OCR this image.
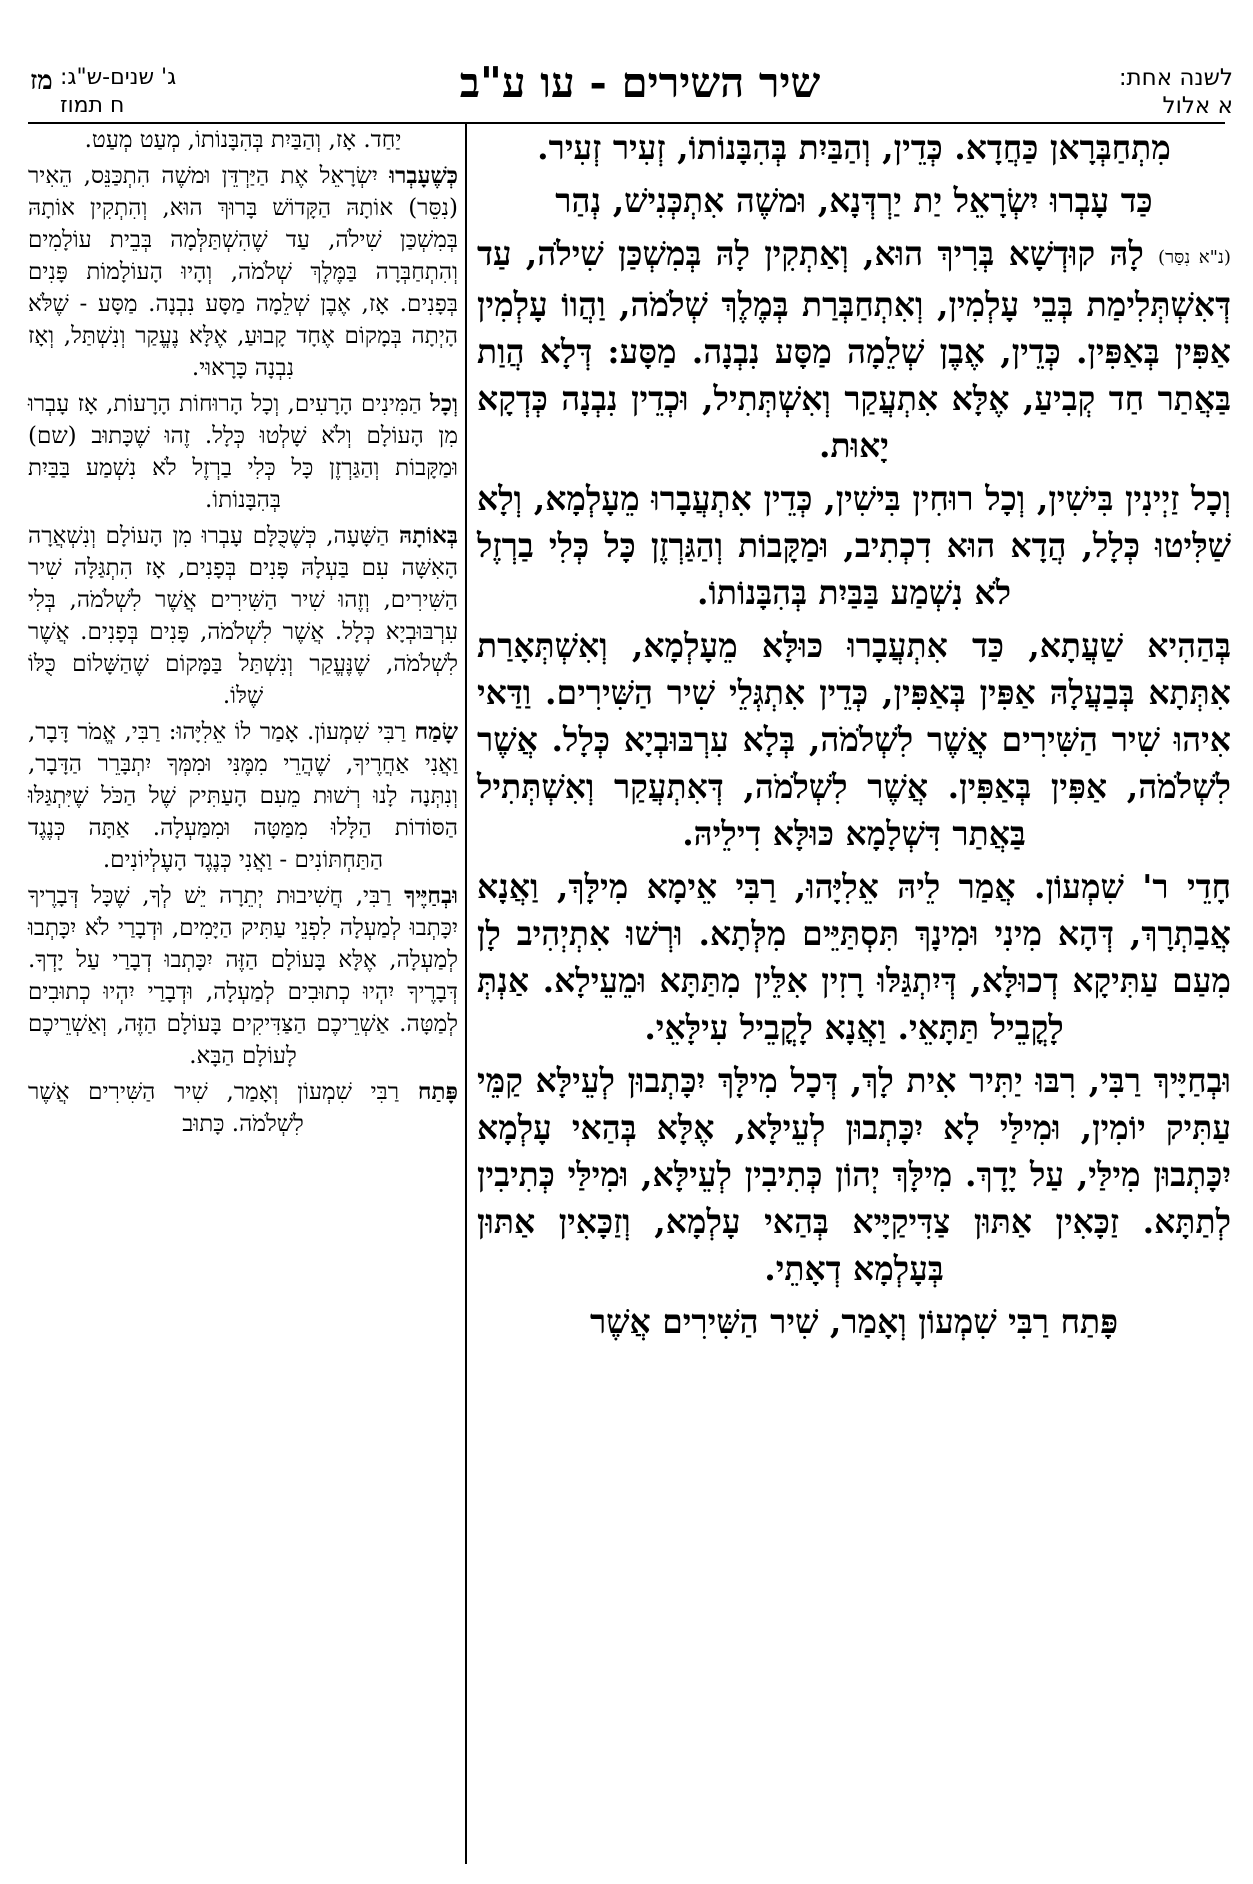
לשנה אחת:
א אלול
שיר השירים - עו ע"ב
ג' שנים-ש"ג:
ח תמוז
מז
מִתְחַבְּרָאן כַּחֲדָא. כְּדֵין, וְהַבַּיִת בְּהִבָּנוֹתוֹ, זְעִיר זְעִיר.
כַּד עָבְרוּ יִשְׂרָאֵל יַת יַרְדְּנָא, וּמשֶׁה אִתְכְּנִישׁ, נְהַר
(נ"א נִסַּר) לָהּ קוּדְשָׁא בְּרִיךְ הוּא, וְאַתְקִין לָהּ בְּמִשְׁכַּן שִׁילֹה, עַד דְּאִשְׁתְּלִימַת בְּבֵי עָלְמִין, וְאִתְחַבְּרַת בְּמֶלֶךְ שְׁלֹמֹה, וַהֲווֹ עָלְמִין אַפִּין בְּאַפִּין. כְּדֵין, אֶבֶן שְׁלֵמָה מַסָּע נִבְנָה. מַסָּע: דְּלָא הֲוַת בַּאֲתַר חַד קְבִיעַ, אֶלָּא אִתְעֲקַר וְאִשְׁתְּתִיל, וּכְדֵין נִבְנָה כְּדְקָא יָאוּת.
וְכָל זַיְינִין בִּישִׁין, וְכָל רוּחִין בִּישִׁין, כְּדֵין אִתְעֲבָרוּ מֵעָלְמָא, וְלָא שַׁלִּיטוּ כְּלָל, הֲדָא הוּא דִכְתִיב, וּמַקָּבוֹת וְהַגַּרְזֶן כָּל כְּלִי בַרְזֶל לֹא נִשְׁמַע בַּבַּיִת בְּהִבָּנוֹתוֹ.
בְּהַהִיא שַׁעֲתָא, כַּד אִתְעֲבָרוּ כּוּלָּא מֵעָלְמָא, וְאִשְׁתְּאָרַת אִתְּתָא בְּבַעֲלָהּ אַפִּין בְּאַפִּין, כְּדֵין אִתְגְּלֵי שִׁיר הַשִּׁירִים. וַדַּאי אִיהוּ שִׁיר הַשִּׁירִים אֲשֶׁר לִשְׁלֹמֹה, בְּלָא עִרְבּוּבְיָא כְּלָל. אֲשֶׁר לִשְׁלֹמֹה, אַפִּין בְּאַפִּין. אֲשֶׁר לִשְׁלֹמֹה, דְּאִתְעֲקַר וְאִשְׁתְּתִיל בַּאֲתַר דִּשְׁלָמָא כּוּלָּא דִילֵיהּ.
חָדֵי ר' שִׁמְעוֹן. אֲמַר לֵיהּ אֵלִיָּהוּ, רַבִּי אֵימָא מִילָּךְ, וַאֲנָא אֲבַתְרָךְ, דְּהָא מִינִי וּמִינָךְ תִּסְתַּיֵּים מִלְּתָא. וּרְשׁוּ אִתְיְהִיב לָן מִעַם עַתִּיקָא דְכוּלָּא, דְּיִתְגַּלּוּ רָזִין אִלֵּין מִתַּתָּא וּמֵעֵילָא. אַנְתְּ לָקֳבֵיל תַּתָּאֵי. וַאֲנָא לָקֳבֵיל עִילָּאֵי.
וּבְחַיָּיךְ רַבִּי, רִבּוּ יַתִּיר אִית לָךְ, דְּכָל מִילָּךְ יִכָּתְבוּן לְעֵילָּא קַמֵּי עַתִּיק יוֹמִין, וּמִילַּי לָא יִכָּתְבוּן לְעֵילָּא, אֶלָּא בְּהַאי עָלְמָא יִכָּתְבוּן מִילַּי, עַל יָדָךְ. מִילָּךְ יְהוֹן כְּתִיבִין לְעֵילָּא, וּמִילַּי כְּתִיבִין לְתַתָּא. זַכָּאִין אַתּוּן צַדִּיקַיָּיא בְּהַאי עָלְמָא, וְזַכָּאִין אַתּוּן בְּעָלְמָא דְאָתֵי.
פָּתַח רַבִּי שִׁמְעוֹן וְאָמַר, שִׁיר הַשִּׁירִים אֲשֶׁר
יַחַד. אָז, וְהַבַּיִת בְּהִבָּנוֹתוֹ, מְעַט מְעַט.
כְּשֶׁעָבְרוּ יִשְׂרָאֵל אֶת הַיַּרְדֵּן וּמשֶׁה הִתְכַּנֵּס, הֵאִיר (נִסֵּר) אוֹתָהּ הַקָּדוֹשׁ בָּרוּךְ הוּא, וְהִתְקִין אוֹתָהּ בְּמִשְׁכַּן שִׁילֹה, עַד שֶׁהִשְׁתַּלְּמָה בְּבֵית עוֹלָמִים וְהִתְחַבְּרָה בַּמֶּלֶךְ שְׁלֹמֹה, וְהָיוּ הָעוֹלָמוֹת פָּנִים בְּפָנִים. אָז, אֶבֶן שְׁלֵמָה מַסָּע נִבְנָה. מַסָּע - שֶׁלֹּא הָיְתָה בְּמָקוֹם אֶחָד קָבוּעַ, אֶלָּא נֶעֱקַר וְנִשְׁתַּל, וְאָז נִבְנָה כָּרָאוּי.
וְכָל הַמִּינִים הָרָעִים, וְכָל הָרוּחוֹת הָרָעוֹת, אָז עָבְרוּ מִן הָעוֹלָם וְלֹא שָׁלְטוּ כְּלָל. זֶהוּ שֶׁכָּתוּב (שם) וּמַקָּבוֹת וְהַגַּרְזֶן כָּל כְּלִי בַרְזֶל לֹא נִשְׁמַע בַּבַּיִת בְּהִבָּנוֹתוֹ.
בְּאוֹתָהּ הַשָּׁעָה, כְּשֶׁכֻּלָּם עָבְרוּ מִן הָעוֹלָם וְנִשְׁאֲרָה הָאִשָּׁה עִם בַּעְלָהּ פָּנִים בְּפָנִים, אָז הִתְגַּלָּה שִׁיר הַשִּׁירִים, וְזֶהוּ שִׁיר הַשִּׁירִים אֲשֶׁר לִשְׁלֹמֹה, בְּלִי עִרְבּוּבְיָא כְּלָל. אֲשֶׁר לִשְׁלֹמֹה, פָּנִים בְּפָנִים. אֲשֶׁר לִשְׁלֹמֹה, שֶׁנֶּעֱקַר וְנִשְׁתַּל בַּמָּקוֹם שֶׁהַשָּׁלוֹם כֻּלּוֹ שֶׁלּוֹ.
שָׂמַח רַבִּי שִׁמְעוֹן. אָמַר לוֹ אֵלִיָּהוּ: רַבִּי, אֱמֹר דָּבָר, וַאֲנִי אַחֲרֶיךָ, שֶׁהֲרֵי מִמֶּנִּי וּמִמְּךָ יִתְבָּרֵר הַדָּבָר, וְנִתְּנָה לָנוּ רְשׁוּת מֵעִם הָעַתִּיק שֶׁל הַכֹּל שֶׁיִּתְגַּלּוּ הַסּוֹדוֹת הַלָּלוּ מִמַּטָּה וּמִמַּעְלָה. אַתָּה כְּנֶגֶד הַתַּחְתּוֹנִים - וַאֲנִי כְּנֶגֶד הָעֶלְיוֹנִים.
וּבְחַיֶּיךָ רַבִּי, חֲשִׁיבוּת יְתֵרָה יֵשׁ לְךָ, שֶׁכָּל דְּבָרֶיךָ יִכָּתְבוּ לְמַעְלָה לִפְנֵי עַתִּיק הַיָּמִים, וּדְבָרַי לֹא יִכָּתְבוּ לְמַעְלָה, אֶלָּא בָּעוֹלָם הַזֶּה יִכָּתְבוּ דְבָרַי עַל יָדְךָ. דְּבָרֶיךָ יִהְיוּ כְתוּבִים לְמַעְלָה, וּדְבָרַי יִהְיוּ כְתוּבִים לְמַטָּה. אַשְׁרֵיכֶם הַצַּדִּיקִים בָּעוֹלָם הַזֶּה, וְאַשְׁרֵיכֶם לָעוֹלָם הַבָּא.
פָּתַח רַבִּי שִׁמְעוֹן וְאָמַר, שִׁיר הַשִּׁירִים אֲשֶׁר לִשְׁלֹמֹה. כָּתוּב
